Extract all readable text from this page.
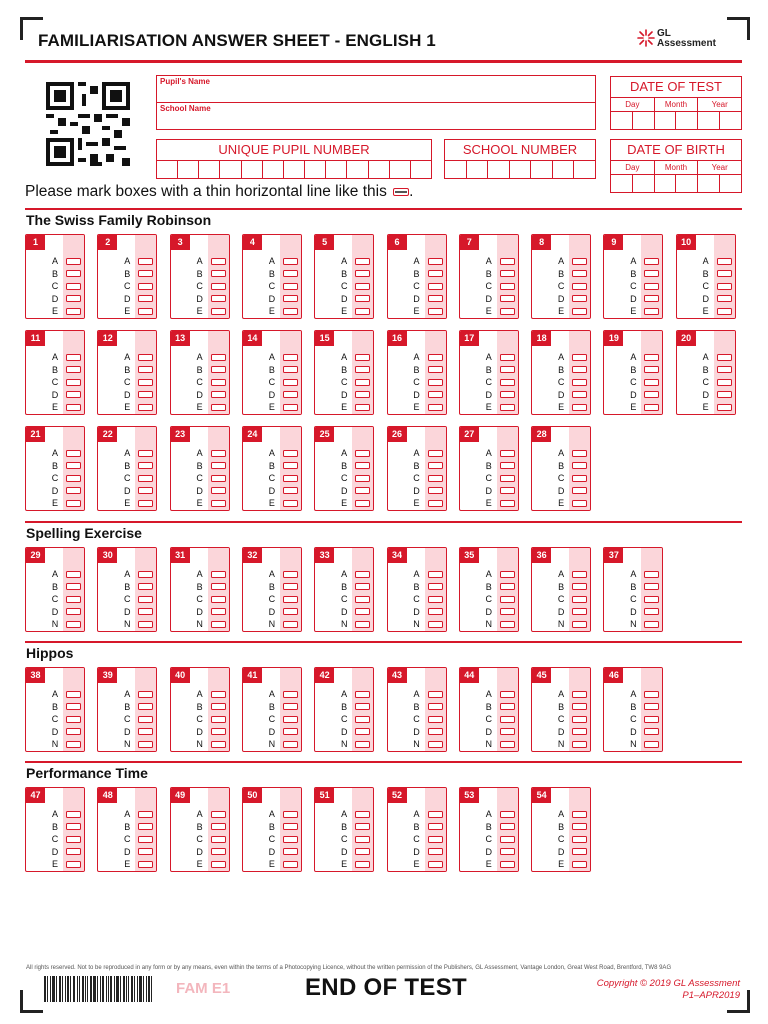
FAMILIARISATION ANSWER SHEET - ENGLISH 1	GL
Assessment
Pupil's Name
School Name
DATE OF TEST
Day	Month	Year
UNIQUE PUPIL NUMBER	SCHOOL NUMBER	DATE OF BIRTH
Day	Month	Year
Please mark boxes with a thin horizontal line like this .
The Swiss Family Robinson
Spelling Exercise
Hippos
Performance Time
1
A
B
C
D
E
2
A
B
C
D
E
3
A
B
C
D
E
4
A
B
C
D
E
5
A
B
C
D
E
6
A
B
C
D
E
7
A
B
C
D
E
8
A
B
C
D
E
9
A
B
C
D
E
10
A
B
C
D
E
11
A
B
C
D
E
12
A
B
C
D
E
13
A
B
C
D
E
14
A
B
C
D
E
15
A
B
C
D
E
16
A
B
C
D
E
17
A
B
C
D
E
18
A
B
C
D
E
19
A
B
C
D
E
20
A
B
C
D
E
21
A
B
C
D
E
22
A
B
C
D
E
23
A
B
C
D
E
24
A
B
C
D
E
25
A
B
C
D
E
26
A
B
C
D
E
27
A
B
C
D
E
28
A
B
C
D
E
29
A
B
C
D
N
30
A
B
C
D
N
31
A
B
C
D
N
32
A
B
C
D
N
33
A
B
C
D
N
34
A
B
C
D
N
35
A
B
C
D
N
36
A
B
C
D
N
37
A
B
C
D
N
38
A
B
C
D
N
39
A
B
C
D
N
40
A
B
C
D
N
41
A
B
C
D
N
42
A
B
C
D
N
43
A
B
C
D
N
44
A
B
C
D
N
45
A
B
C
D
N
46
A
B
C
D
N
47
A
B
C
D
E
48
A
B
C
D
E
49
A
B
C
D
E
50
A
B
C
D
E
51
A
B
C
D
E
52
A
B
C
D
E
53
A
B
C
D
E
54
A
B
C
D
E
All rights reserved. Not to be reproduced in any form or by any means, even within the terms of a Photocopying Licence, without the written permission of the Publishers, GL Assessment, Vantage London, Great West Road, Brentford, TW8 9AG
FAM E1	END OF TEST	Copyright © 2019 GL Assessment
P1–APR2019
